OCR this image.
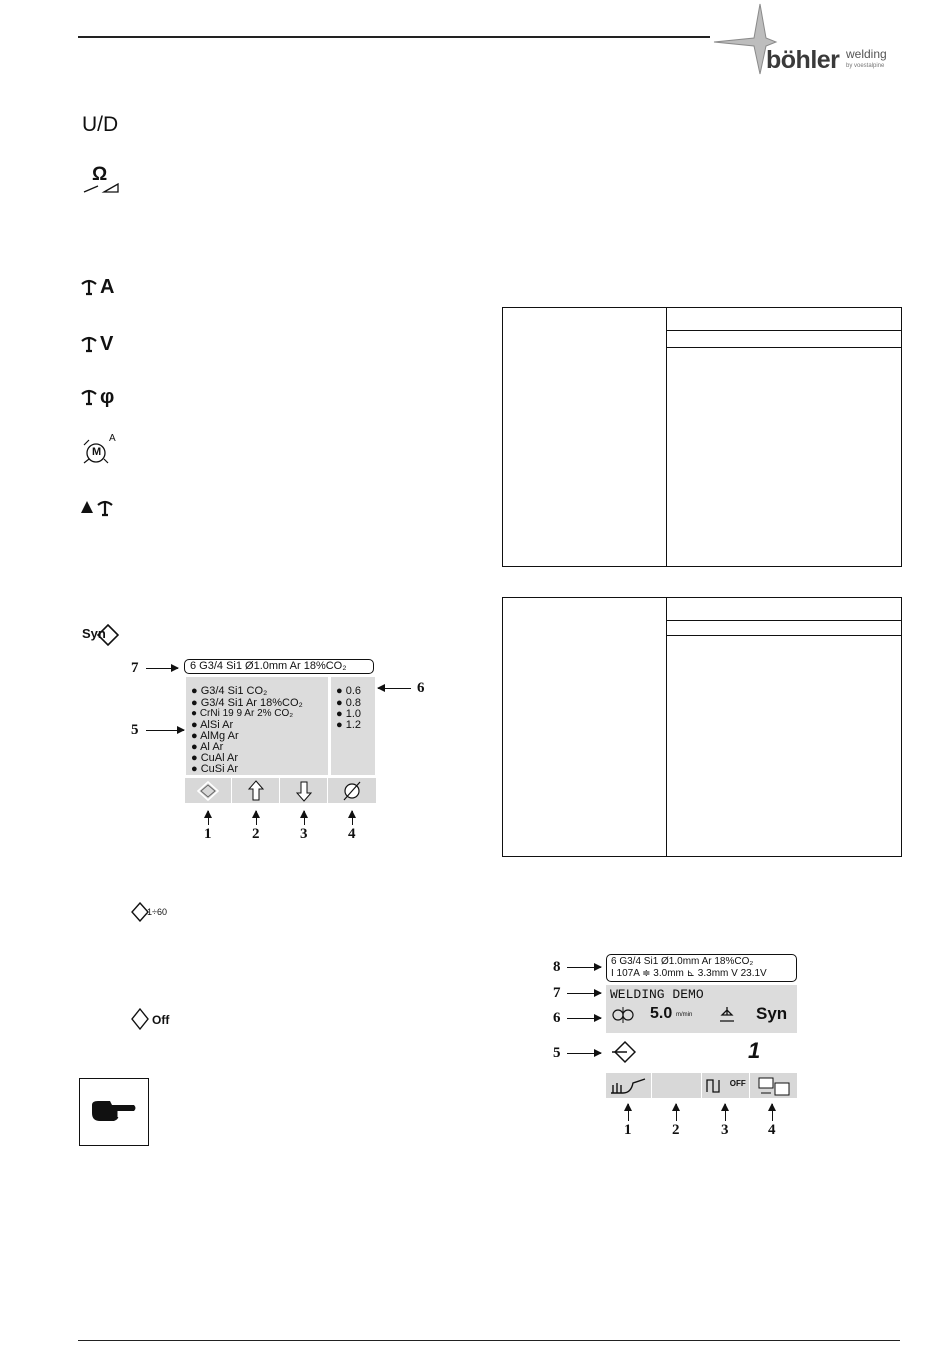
böhler welding
by voestalpine
U/D
Ω
A
V
φ
M
A
Syn
1÷60
Off
6 G3/4 Si1 Ø1.0mm Ar 18%CO₂
● G3/4 Si1 CO₂
● G3/4 Si1 Ar 18%CO₂
● CrNi 19 9 Ar 2% CO₂
● AlSi Ar
● AlMg Ar
● Al Ar
● CuAl Ar
● CuSi Ar
● 0.6
● 0.8
● 1.0
● 1.2
7
5
6
1	2	3	4
6 G3/4 Si1 Ø1.0mm Ar 18%CO₂
I 107A ≑ 3.0mm ⊾ 3.3mm V 23.1V
WELDING DEMO
5.0 m/min	Syn
1
$^{OFF}$
8
7
6
5
1	2	3	4
